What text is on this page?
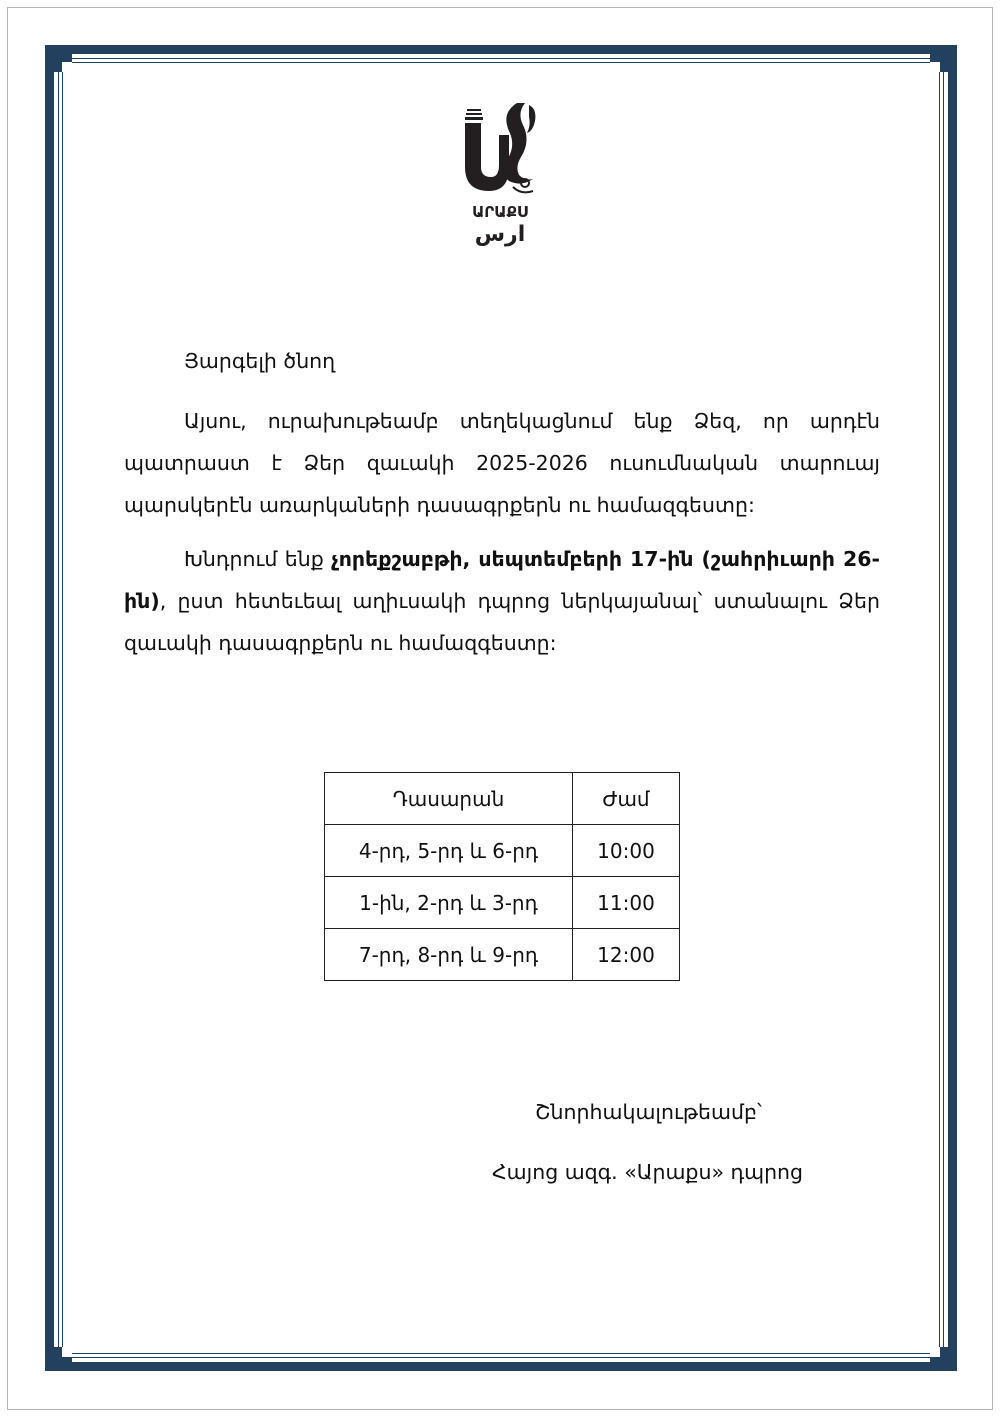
ԱՐԱՔՍ
ارس

Յարգելի ծնող

Այսու, ուրախութեամբ տեղեկացնում ենք Ձեզ, որ արդէն պատրաստ է Ձեր զաւակի 2025-2026 ուսումնական տարուայ պարսկերէն առարկաների դասագրքերն ու համազգեստը:

Խնդրում ենք չորեքշաբթի, սեպտեմբերի 17-ին (շահրիւարի 26-ին), ըստ հետեւեալ աղիւսակի դպրոց ներկայանալ՝ ստանալու Ձեր զաւակի դասագրքերն ու համազգեստը:

Դասարան	Ժամ
4-րդ, 5-րդ և 6-րդ	10:00
1-ին, 2-րդ և 3-րդ	11:00
7-րդ, 8-րդ և 9-րդ	12:00
Շնորհակալութեամբ՝
Հայոց ազգ. «Արաքս» դպրոց
